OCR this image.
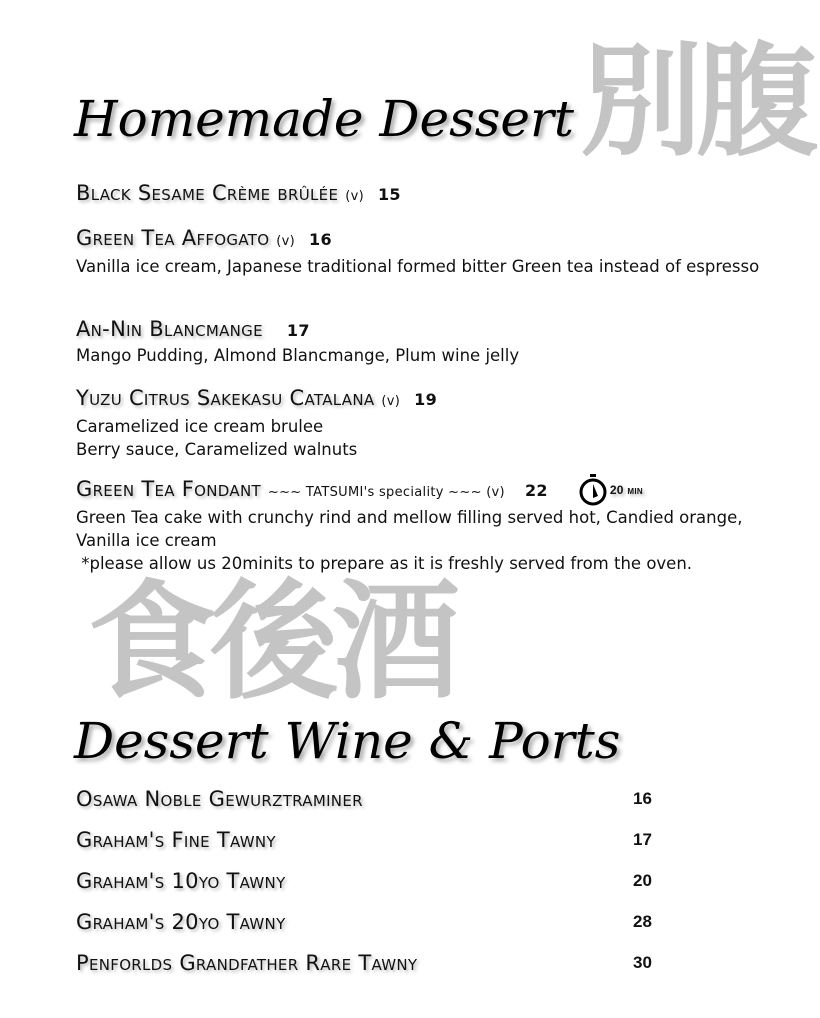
別腹
Homemade Dessert
Black Sesame Crème brûlée (v) 15
Green Tea Affogato (v) 16
Vanilla ice cream, Japanese traditional formed bitter Green tea instead of espresso
An-Nin Blancmange 17
Mango Pudding, Almond Blancmange, Plum wine jelly
Yuzu Citrus Sakekasu Catalana (v) 19
Caramelized ice cream brulee
Berry sauce, Caramelized walnuts
Green Tea Fondant ~~~ TATSUMI's speciality ~~~ (v) 22	20 min
Green Tea cake with crunchy rind and mellow filling served hot, Candied orange, Vanilla ice cream
*please allow us 20minits to prepare as it is freshly served from the oven.
食後酒
Dessert Wine & Ports
Osawa Noble Gewurztraminer	16
Graham's Fine Tawny	17
Graham's 10yo Tawny	20
Graham's 20yo Tawny	28
Penforlds Grandfather Rare Tawny	30
